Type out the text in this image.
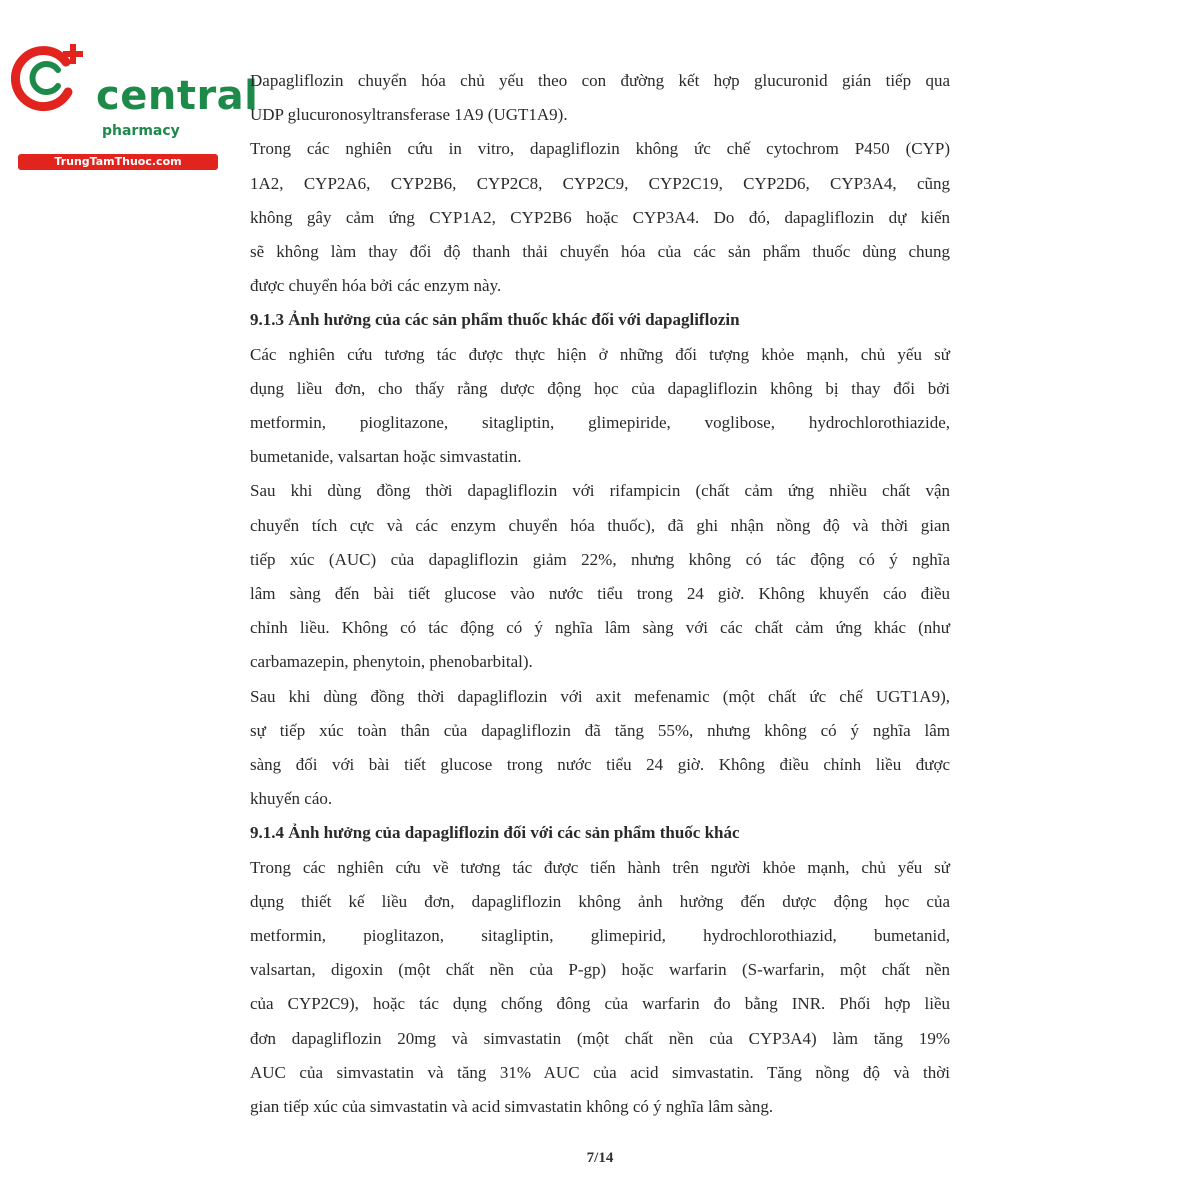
central
pharmacy
TrungTamThuoc.com
Dapagliflozin chuyển hóa chủ yếu theo con đường kết hợp glucuronid gián tiếp qua
UDP glucuronosyltransferase 1A9 (UGT1A9).
Trong các nghiên cứu in vitro, dapagliflozin không ức chế cytochrom P450 (CYP)
1A2, CYP2A6, CYP2B6, CYP2C8, CYP2C9, CYP2C19, CYP2D6, CYP3A4, cũng
không gây cảm ứng CYP1A2, CYP2B6 hoặc CYP3A4. Do đó, dapagliflozin dự kiến
sẽ không làm thay đổi độ thanh thải chuyển hóa của các sản phẩm thuốc dùng chung
được chuyển hóa bởi các enzym này.
9.1.3 Ảnh hưởng của các sản phẩm thuốc khác đối với dapagliflozin
Các nghiên cứu tương tác được thực hiện ở những đối tượng khỏe mạnh, chủ yếu sử
dụng liều đơn, cho thấy rằng dược động học của dapagliflozin không bị thay đổi bởi
metformin, pioglitazone, sitagliptin, glimepiride, voglibose, hydrochlorothiazide,
bumetanide, valsartan hoặc simvastatin.
Sau khi dùng đồng thời dapagliflozin với rifampicin (chất cảm ứng nhiều chất vận
chuyển tích cực và các enzym chuyển hóa thuốc), đã ghi nhận nồng độ và thời gian
tiếp xúc (AUC) của dapagliflozin giảm 22%, nhưng không có tác động có ý nghĩa
lâm sàng đến bài tiết glucose vào nước tiểu trong 24 giờ. Không khuyến cáo điều
chỉnh liều. Không có tác động có ý nghĩa lâm sàng với các chất cảm ứng khác (như
carbamazepin, phenytoin, phenobarbital).
Sau khi dùng đồng thời dapagliflozin với axit mefenamic (một chất ức chế UGT1A9),
sự tiếp xúc toàn thân của dapagliflozin đã tăng 55%, nhưng không có ý nghĩa lâm
sàng đối với bài tiết glucose trong nước tiểu 24 giờ. Không điều chỉnh liều được
khuyến cáo.
9.1.4 Ảnh hưởng của dapagliflozin đối với các sản phẩm thuốc khác
Trong các nghiên cứu về tương tác được tiến hành trên người khỏe mạnh, chủ yếu sử
dụng thiết kế liều đơn, dapagliflozin không ảnh hưởng đến dược động học của
metformin, pioglitazon, sitagliptin, glimepirid, hydrochlorothiazid, bumetanid,
valsartan, digoxin (một chất nền của P-gp) hoặc warfarin (S-warfarin, một chất nền
của CYP2C9), hoặc tác dụng chống đông của warfarin đo bằng INR. Phối hợp liều
đơn dapagliflozin 20mg và simvastatin (một chất nền của CYP3A4) làm tăng 19%
AUC của simvastatin và tăng 31% AUC của acid simvastatin. Tăng nồng độ và thời
gian tiếp xúc của simvastatin và acid simvastatin không có ý nghĩa lâm sàng.
7/14
